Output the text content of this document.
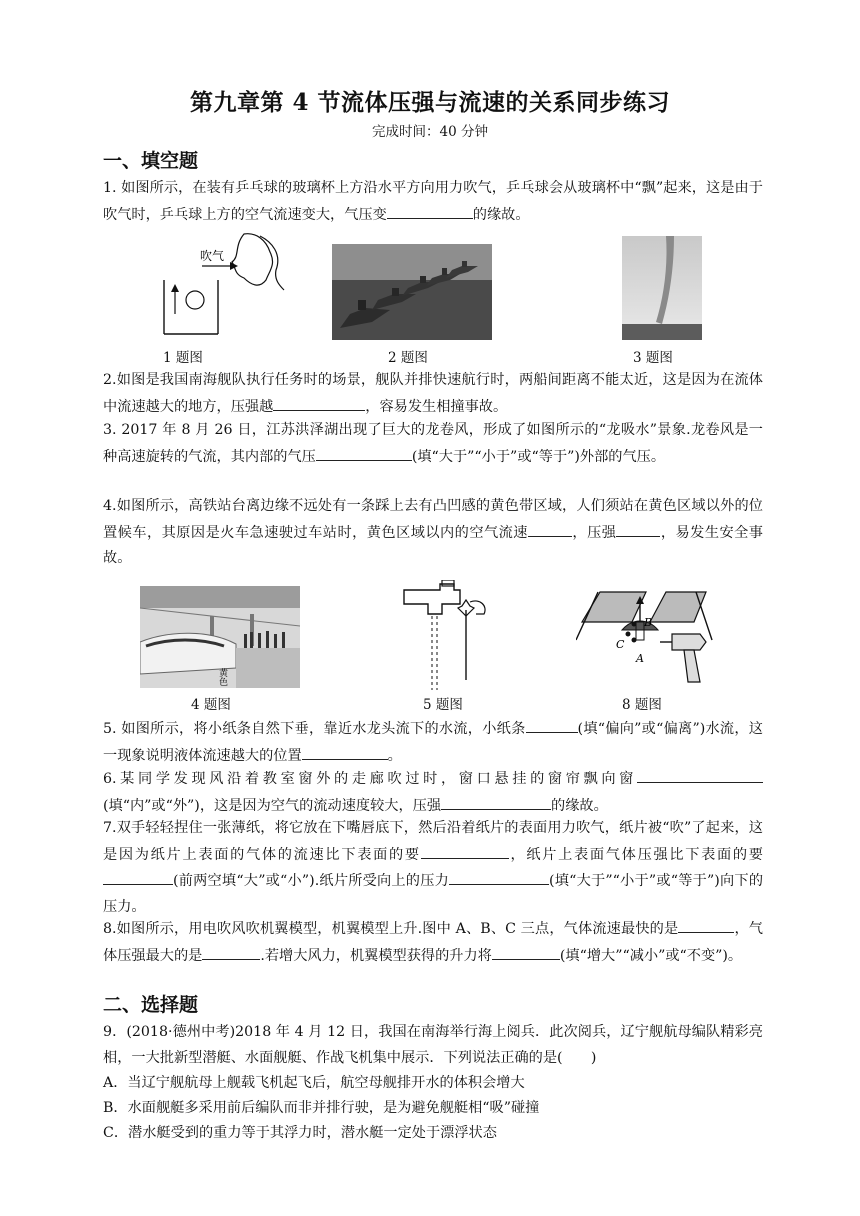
第九章第 4 节流体压强与流速的关系同步练习
完成时间：40 分钟
一、填空题
1. 如图所示，在装有乒乓球的玻璃杯上方沿水平方向用力吹气，乒乓球会从玻璃杯中“飘”起来，这是由于吹气时，乒乓球上方的空气流速变大，气压变	的缘故。
吹气
1 题图	2 题图	3 题图
2.如图是我国南海舰队执行任务时的场景，舰队并排快速航行时，两船间距离不能太近，这是因为在流体中流速越大的地方，压强越	，容易发生相撞事故。
3. 2017 年 8 月 26 日，江苏洪泽湖出现了巨大的龙卷风，形成了如图所示的“龙吸水”景象.龙卷风是一种高速旋转的气流，其内部的气压	(填“大于”“小于”或“等于”)外部的气压。
4.如图所示，高铁站台离边缘不远处有一条踩上去有凸凹感的黄色带区域，人们须站在黄色区域以外的位置候车，其原因是火车急速驶过车站时，黄色区域以内的空气流速	，压强	，易发生安全事故。
黄色
C
B
A
4 题图	5 题图	8 题图
5. 如图所示，将小纸条自然下垂，靠近水龙头流下的水流，小纸条	(填“偏向”或“偏离”)水流，这一现象说明液体流速越大的位置	。
6.某同学发现风沿着教室窗外的走廊吹过时，窗口悬挂的窗帘飘向窗(填“内”或“外”)，这是因为空气的流动速度较大，压强	的缘故。
7.双手轻轻捏住一张薄纸，将它放在下嘴唇底下，然后沿着纸片的表面用力吹气，纸片被“吹”了起来，这是因为纸片上表面的气体的流速比下表面的要	，纸片上表面气体压强比下表面的要(前两空填“大”或“小”).纸片所受向上的压力	(填“大于”“小于”或“等于”)向下的压力。
8.如图所示，用电吹风吹机翼模型，机翼模型上升.图中 A、B、C 三点，气体流速最快的是	，气体压强最大的是	.若增大风力，机翼模型获得的升力将	(填“增大”“减小”或“不变”)。
二、选择题
9．(2018·德州中考)2018 年 4 月 12 日，我国在南海举行海上阅兵．此次阅兵，辽宁舰航母编队精彩亮相，一大批新型潜艇、水面舰艇、作战飞机集中展示．下列说法正确的是(　　)
A．当辽宁舰航母上舰载飞机起飞后，航空母舰排开水的体积会增大
B．水面舰艇多采用前后编队而非并排行驶，是为避免舰艇相“吸”碰撞
C．潜水艇受到的重力等于其浮力时，潜水艇一定处于漂浮状态
